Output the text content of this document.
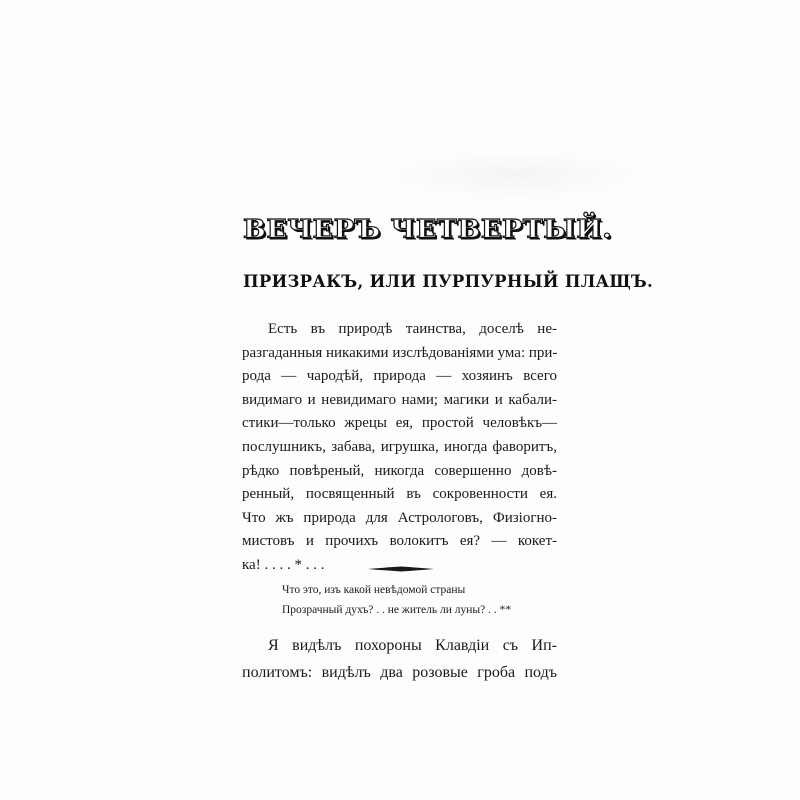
ВЕЧЕРЪ ЧЕТВЕРТЫЙ.
ПРИЗРАКЪ, ИЛИ ПУРПУРНЫЙ ПЛАЩЪ.
Есть въ природѣ таинства, доселѣ не-
разгаданныя никакими изслѣдованіями ума: при-
рода — чародѣй, природа — хозяинъ всего
видимаго и невидимаго нами; магики и кабали-
стики—только жрецы ея, простой человѣкъ—
послушникъ, забава, игрушка, иногда фаворитъ,
рѣдко повѣреный, никогда совершенно довѣ-
ренный, посвященный въ сокровенности ея.
Что жъ природа для Астрологовъ, Физіогно-
мистовъ и прочихъ волокитъ ея? — кокет-
ка! . . . . * . . .
Что это, изъ какой невѣдомой страны
Прозрачный духъ? . . не житель ли луны? . . **
Я видѣлъ похороны Клавдіи съ Ип-
политомъ: видѣлъ два розовые гроба подъ
